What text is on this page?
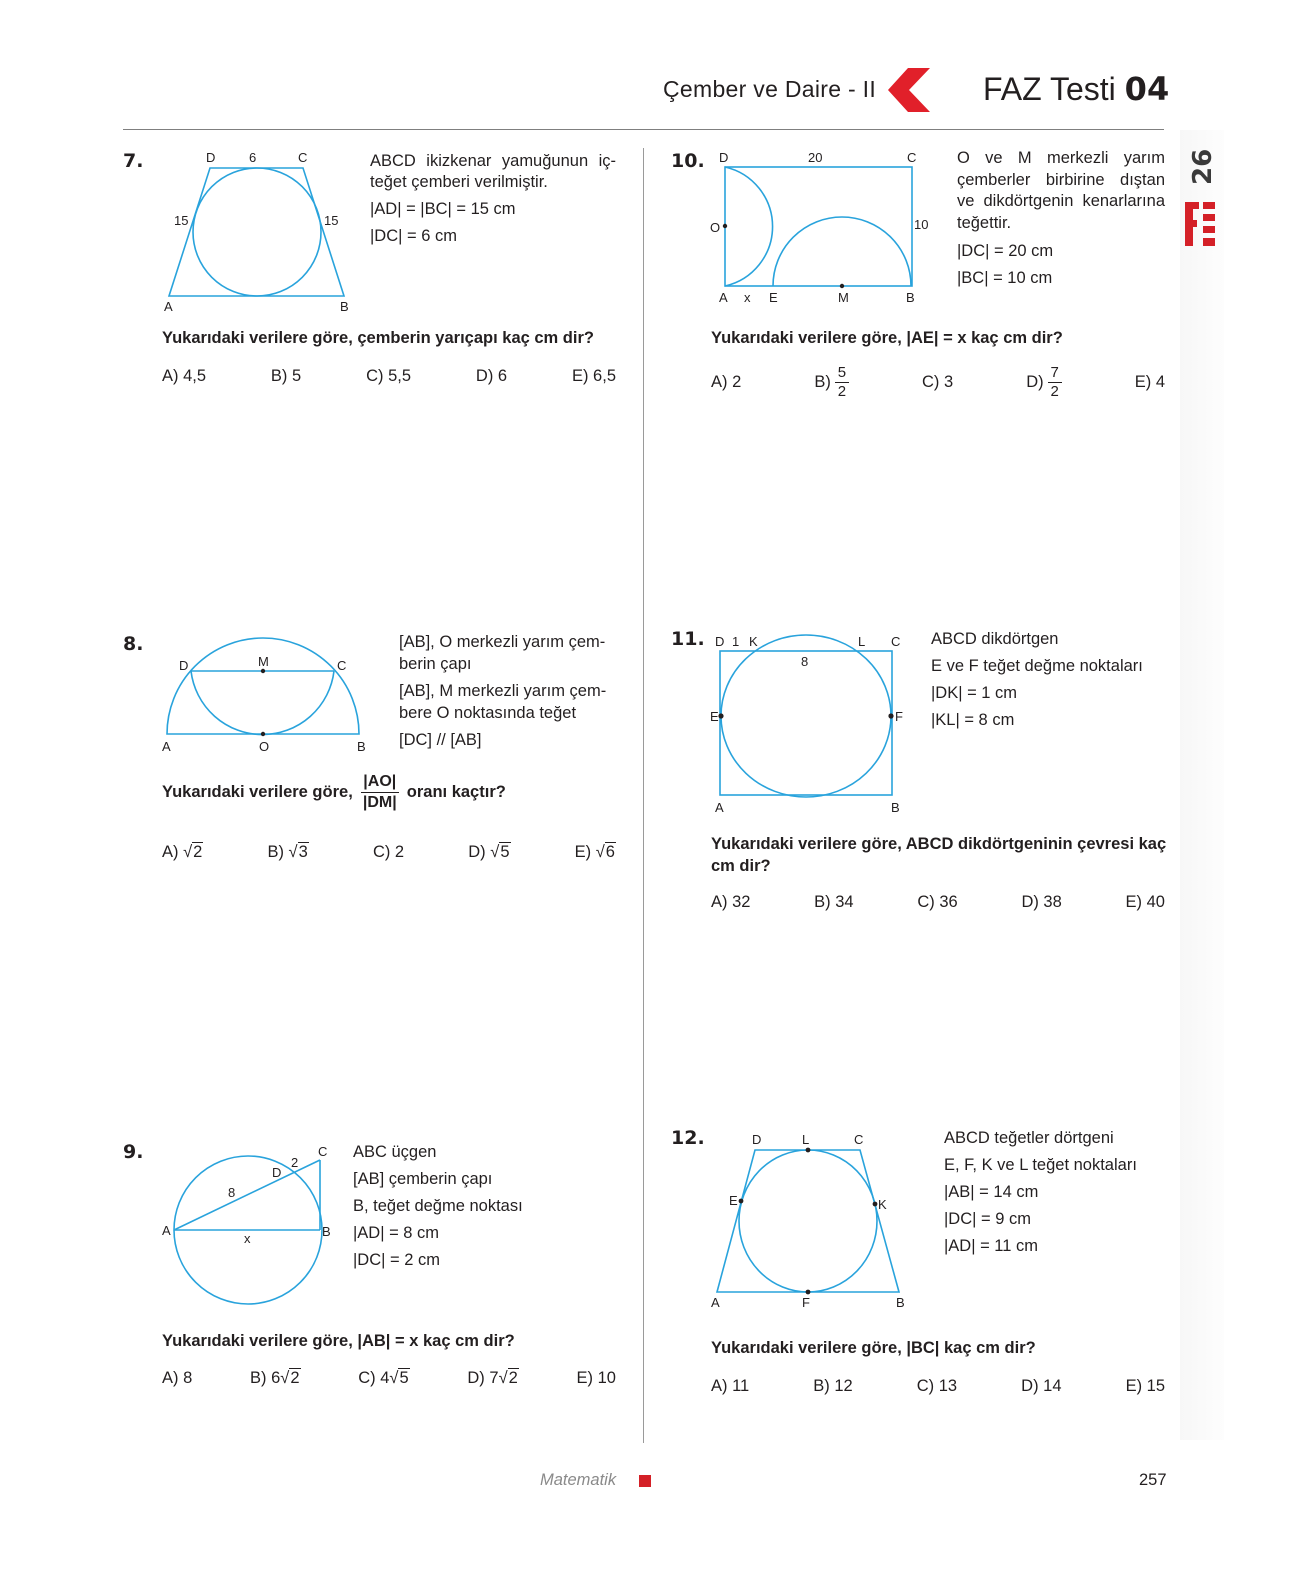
Çember ve Daire - II	FAZ Testi 04
26
7.	D	6	C
15	15
A	B
ABCD ikizkenar yamuğunun iç-
teğet çemberi verilmiştir.
|AD| = |BC| = 15 cm
|DC| = 6 cm
Yukarıdaki verilere göre, çemberin yarıçapı kaç cm dir?
A) 4,5	B) 5	C) 5,5	D) 6	E) 6,5
10. D	20	C
O	10
A x E	M	B
O ve M merkezli yarım
çemberler birbirine dıştan
ve dikdörtgenin kenarlarına
teğettir.
|DC| = 20 cm
|BC| = 10 cm
Yukarıdaki verilere göre, |AE| = x kaç cm dir?
A) 2	$B) \frac{5}{2}$	C) 3	$D) \frac{7}{2}$	E) 4
8.
D	M	C
A	O	B
[AB], O merkezli yarım çem-
berin çapı
[AB], M merkezli yarım çem-
bere O noktasında teğet
[DC] // [AB]
Yukarıdaki verilere göre, $\frac{|AO|}{|DM|}$ oranı kaçtır?
A) √2	B) √3	C) 2	D) √5	E) √6
11. D 1 K	L C
8
E	F
A	B
ABCD dikdörtgen
E ve F teğet değme noktaları
|DK| = 1 cm
|KL| = 8 cm
Yukarıdaki verilere göre, ABCD dikdörtgeninin çevresi kaç
cm dir?
A) 32	B) 34	C) 36	D) 38	E) 40
9.
A	B
C
D
8
2
x
ABC üçgen
[AB] çemberin çapı
B, teğet değme noktası
|AD| = 8 cm
|DC| = 2 cm
Yukarıdaki verilere göre, |AB| = x kaç cm dir?
A) 8	B) 6√2	C) 4√5	D) 7√2	E) 10
12.	D	L	C
E	K
A	F	B
ABCD teğetler dörtgeni
E, F, K ve L teğet noktaları
|AB| = 14 cm
|DC| = 9 cm
|AD| = 11 cm
Yukarıdaki verilere göre, |BC| kaç cm dir?
A) 11	B) 12	C) 13	D) 14	E) 15
Matematik	257
